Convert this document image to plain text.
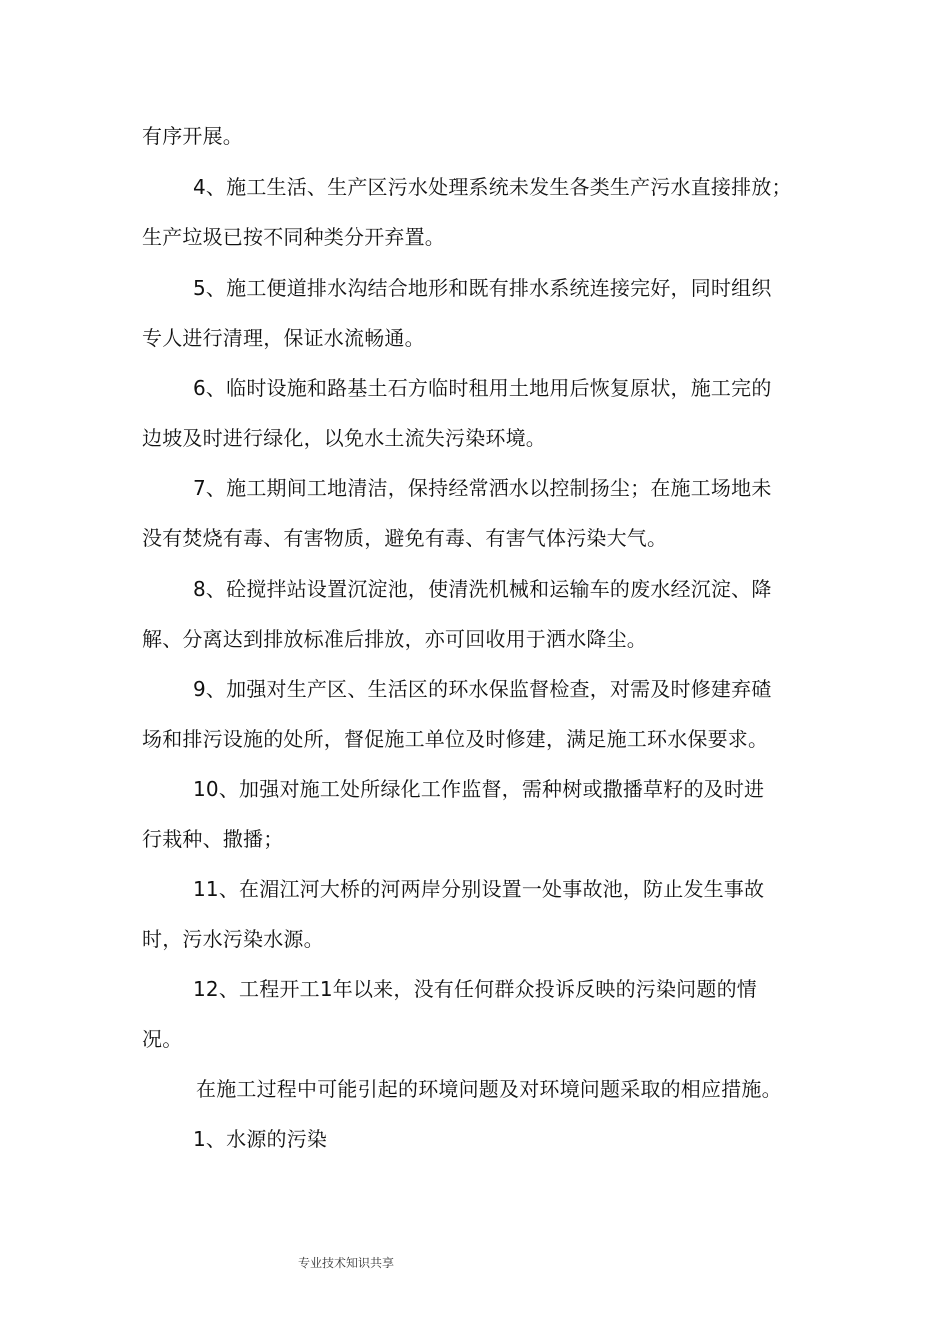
有序开展。
4、施工生活、生产区污水处理系统未发生各类生产污水直接排放；
生产垃圾已按不同种类分开弃置。
5、施工便道排水沟结合地形和既有排水系统连接完好，同时组织
专人进行清理，保证水流畅通。
6、临时设施和路基土石方临时租用土地用后恢复原状，施工完的
边坡及时进行绿化，以免水土流失污染环境。
7、施工期间工地清洁，保持经常洒水以控制扬尘；在施工场地未
没有焚烧有毒、有害物质，避免有毒、有害气体污染大气。
8、砼搅拌站设置沉淀池，使清洗机械和运输车的废水经沉淀、降
解、分离达到排放标准后排放，亦可回收用于洒水降尘。
9、加强对生产区、生活区的环水保监督检查，对需及时修建弃碴
场和排污设施的处所，督促施工单位及时修建，满足施工环水保要求。
10、加强对施工处所绿化工作监督，需种树或撒播草籽的及时进
行栽种、撒播；
11、在湄江河大桥的河两岸分别设置一处事故池，防止发生事故
时，污水污染水源。
12、工程开工1年以来，没有任何群众投诉反映的污染问题的情
况。
在施工过程中可能引起的环境问题及对环境问题采取的相应措施。
1、水源的污染
专业技术知识共享
